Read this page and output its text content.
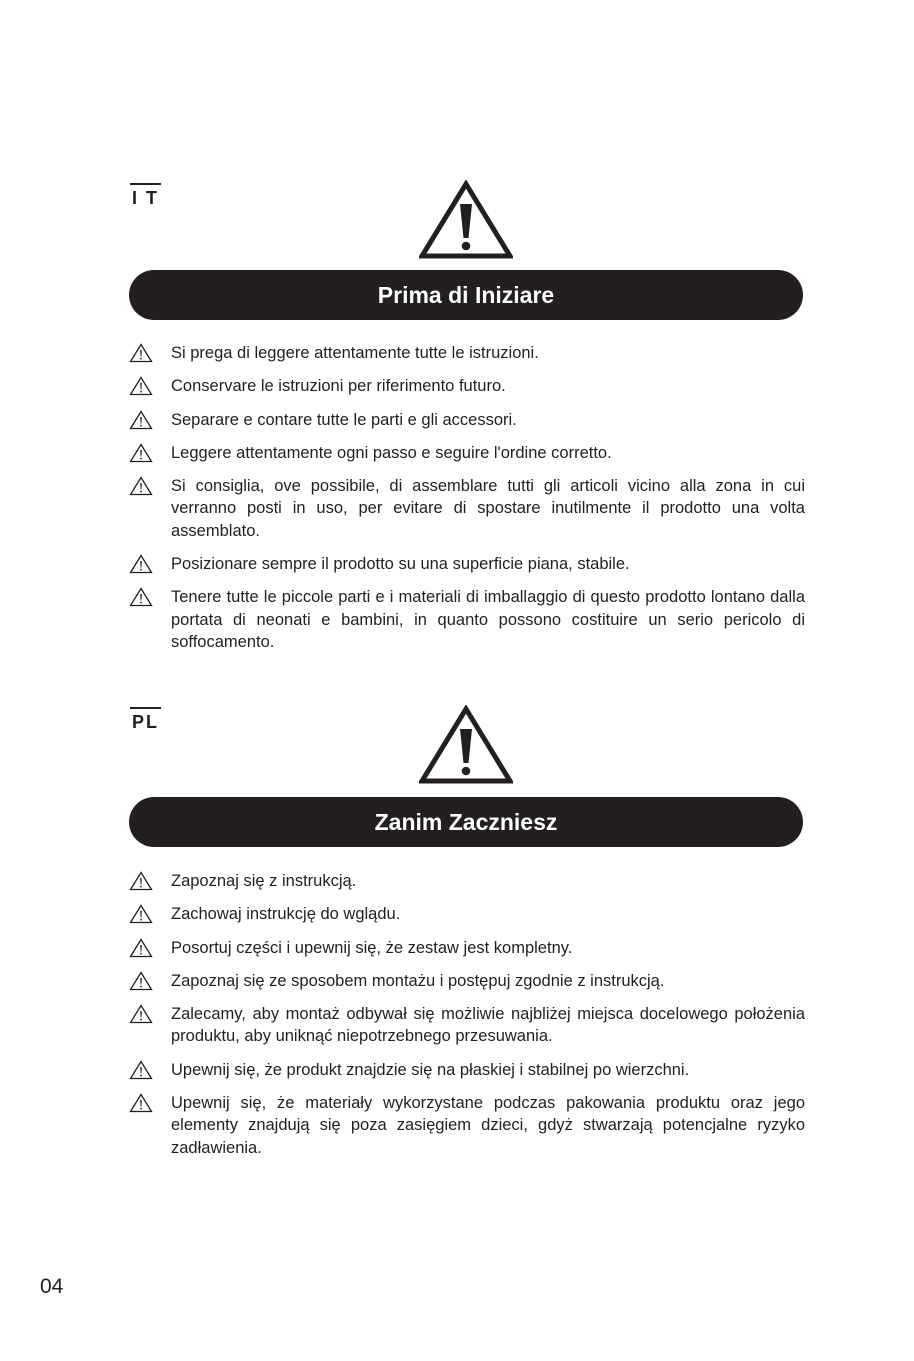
I T
Prima di Iniziare
Si prega di leggere attentamente tutte le istruzioni.
Conservare le istruzioni per riferimento futuro.
Separare e contare tutte le parti e gli accessori.
Leggere attentamente ogni passo e seguire l'ordine corretto.
Si consiglia, ove possibile, di assemblare tutti gli articoli vicino alla zona in cui verranno posti in uso, per evitare di spostare inutilmente il prodotto una volta assemblato.
Posizionare sempre il prodotto su una superficie piana, stabile.
Tenere tutte le piccole parti e i materiali di imballaggio di questo prodotto lontano dalla portata di neonati e bambini, in quanto possono costituire un serio pericolo di soffocamento.
PL
Zanim Zaczniesz
Zapoznaj się z instrukcją.
Zachowaj instrukcję do wglądu.
Posortuj części i upewnij się, że zestaw jest kompletny.
Zapoznaj się ze sposobem montażu i postępuj zgodnie z instrukcją.
Zalecamy, aby montaż odbywał się możliwie najbliżej miejsca docelowego położenia produktu, aby uniknąć niepotrzebnego przesuwania.
Upewnij się, że produkt znajdzie się na płaskiej i stabilnej po wierzchni.
Upewnij się, że materiały wykorzystane podczas pakowania produktu oraz jego elementy znajdują się poza zasięgiem dzieci, gdyż stwarzają potencjalne ryzyko zadławienia.
04
